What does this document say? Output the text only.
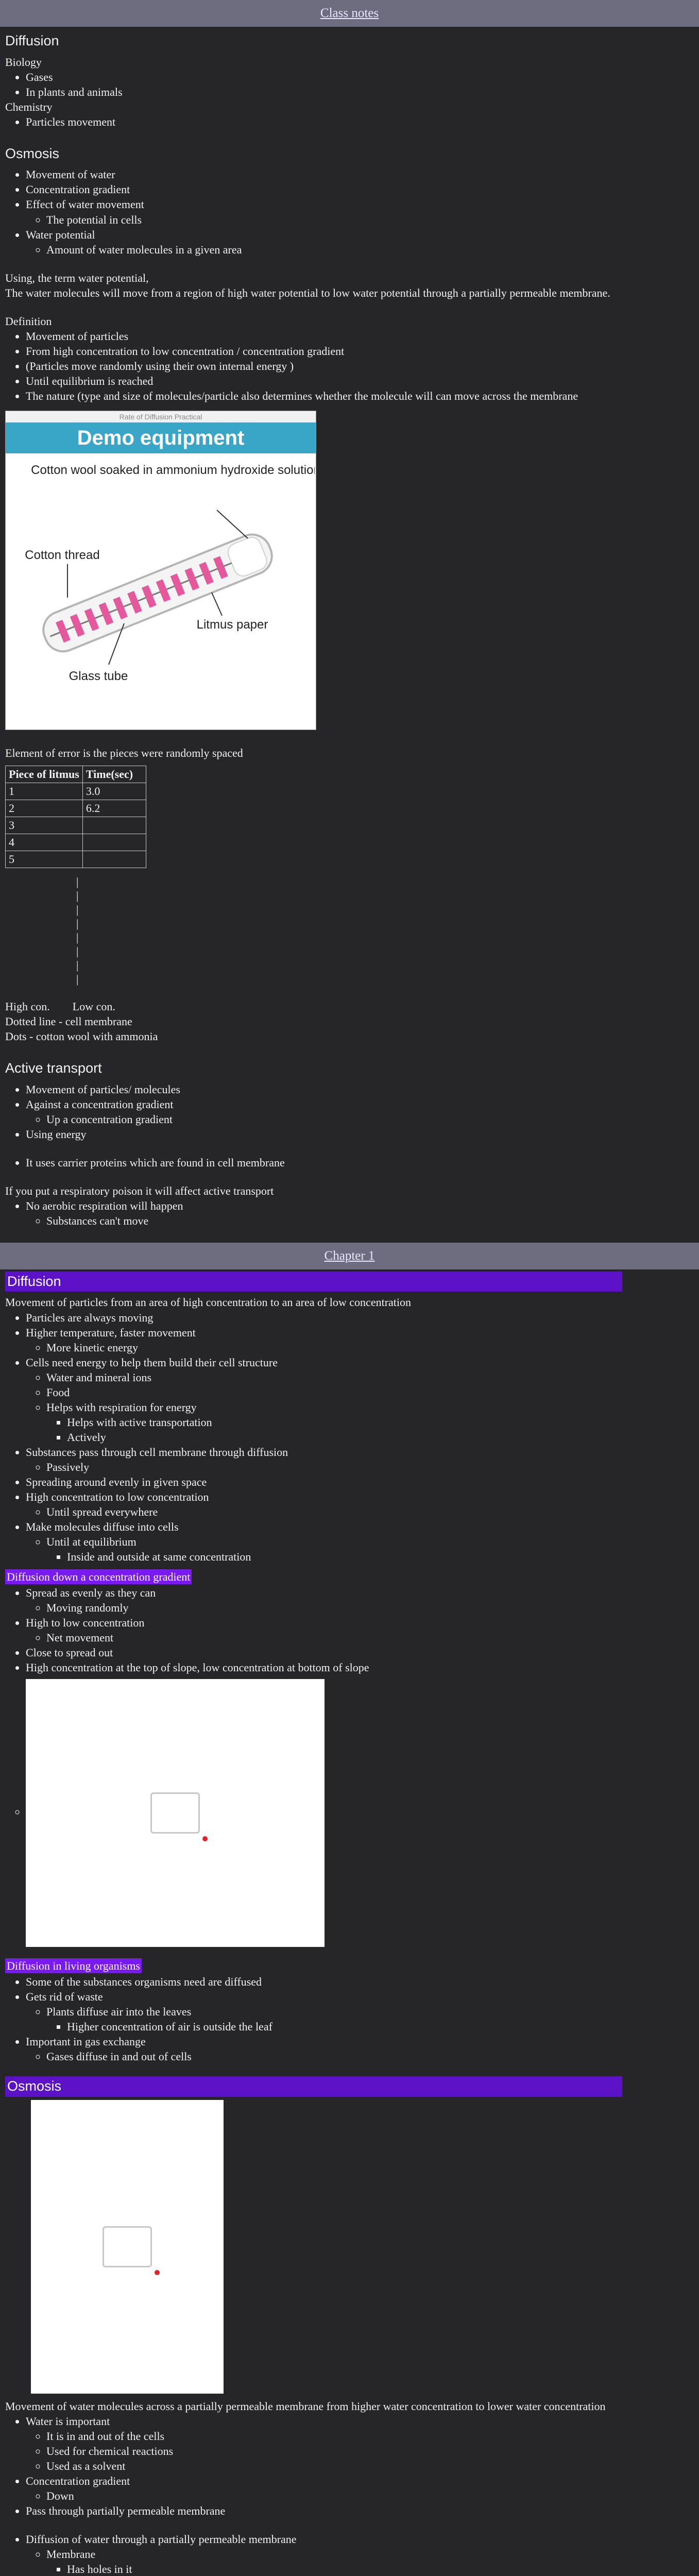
Class notes
Diffusion

Biology

• Gases
• In plants and animals

Chemistry

• Particles movement
Osmosis
• Movement of water
• Concentration gradient
• Effect of water movement
◦ The potential in cells
• Water potential
◦ Amount of water molecules in a given area

Using, the term water potential,

The water molecules will move from a region of high water potential to low water potential through a partially permeable membrane.

Definition

• Movement of particles
• From high concentration to low concentration / concentration gradient
• (Particles move randomly using their own internal energy )
• Until equilibrium is reached
• The nature (type and size of molecules/particle also determines whether the molecule will can move across the membrane
Rate of Diffusion Practical
Demo equipment
Cotton wool soaked in ammonium hydroxide solution
Cotton thread
Litmus paper
Glass tube

Element of error is the pieces were randomly spaced

Piece of litmus	Time(sec)
1	3.0
2	6.2
3	
4	
5	
|
|
|
|
|
|
|
|

High con.        Low con.

Dotted line - cell membrane

Dots - cotton wool with ammonia

Active transport
• Movement of particles/ molecules
• Against a concentration gradient
◦ Up a concentration gradient
• Using energy
• It uses carrier proteins which are found in cell membrane

If you put a respiratory poison it will affect active transport

• No aerobic respiration will happen
◦ Substances can't move
Chapter 1
Diffusion

Movement of particles from an area of high concentration to an area of low concentration

• Particles are always moving
• Higher temperature, faster movement
◦ More kinetic energy
• Cells need energy to help them build their cell structure
◦ Water and mineral ions
◦ Food
◦ Helps with respiration for energy
▪ Helps with active transportation
▪ Actively
• Substances pass through cell membrane through diffusion
◦ Passively
• Spreading around evenly in given space
• High concentration to low concentration
◦ Until spread everywhere
• Make molecules diffuse into cells
◦ Until at equilibrium
▪ Inside and outside at same concentration
Diffusion down a concentration gradient
• Spread as evenly as they can
◦ Moving randomly
• High to low concentration
◦ Net movement
• Close to spread out
• High concentration at the top of slope, low concentration at bottom of slope
◦
Diffusion in living organisms
• Some of the substances organisms need are diffused
• Gets rid of waste
◦ Plants diffuse air into the leaves
▪ Higher concentration of air is outside the leaf
• Important in gas exchange
◦ Gases diffuse in and out of cells
Osmosis

Movement of water molecules across a partially permeable membrane from higher water concentration to lower water concentration

• Water is important
◦ It is in and out of the cells
◦ Used for chemical reactions
◦ Used as a solvent
• Concentration gradient
◦ Down
• Pass through partially permeable membrane
• Diffusion of water through a partially permeable membrane
◦ Membrane
▪ Has holes in it
